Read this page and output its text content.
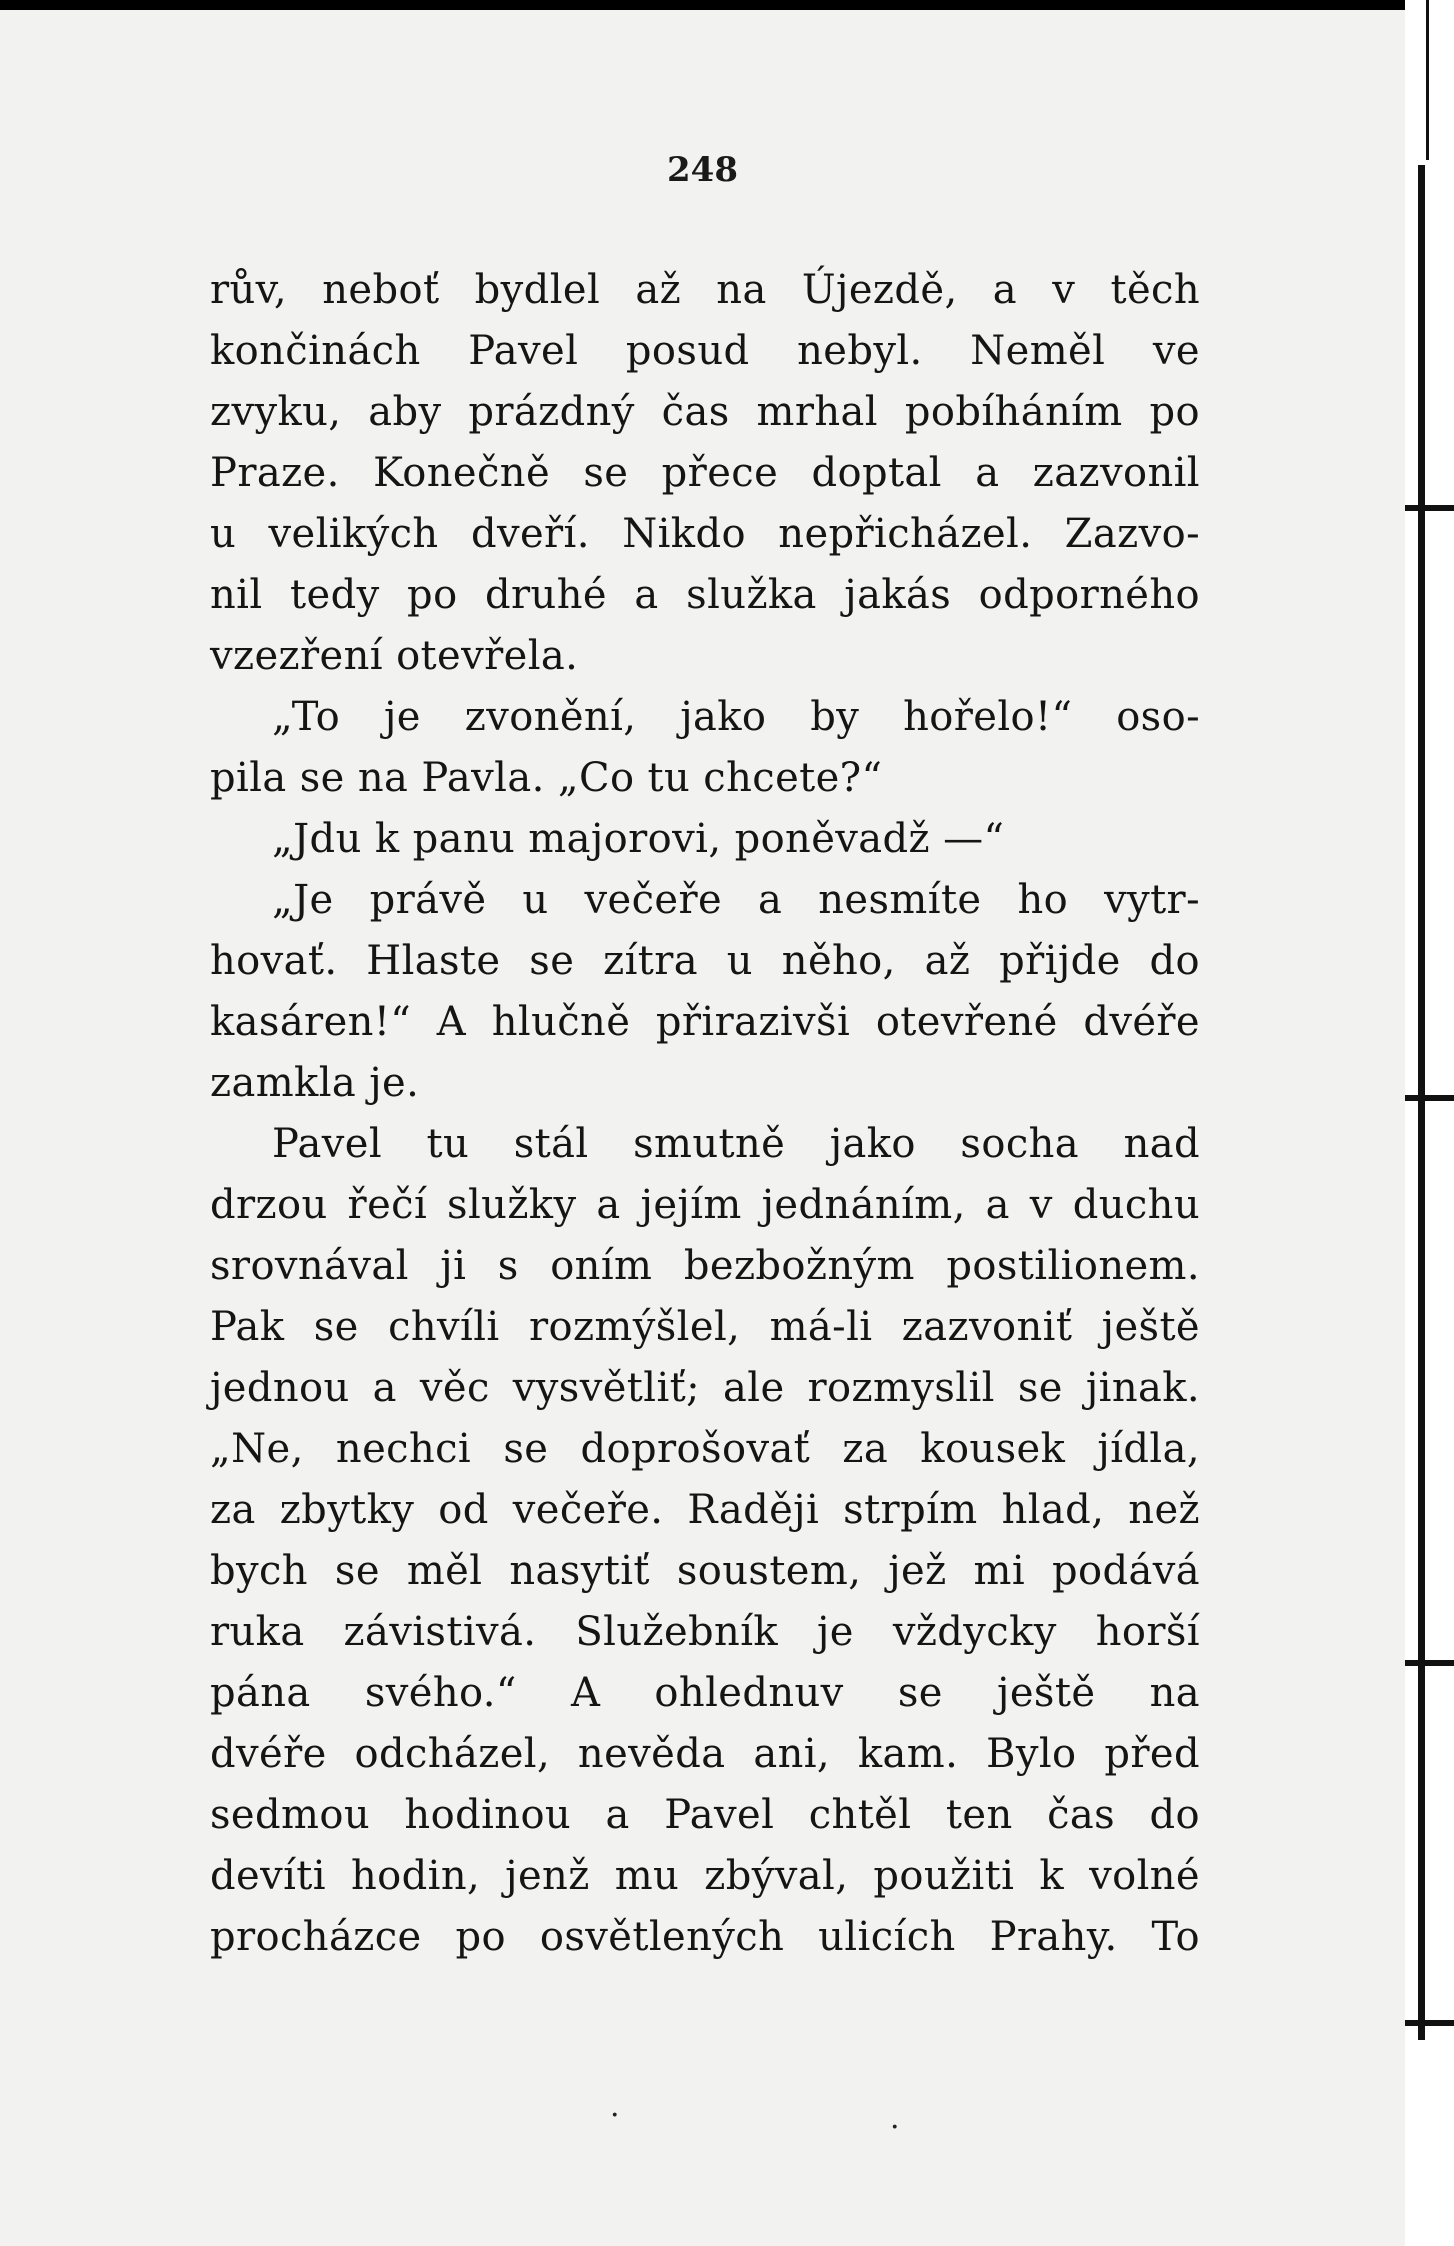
248
rův, neboť bydlel až na Újezdě, a v těch
končinách Pavel posud nebyl. Neměl ve
zvyku, aby prázdný čas mrhal pobíháním po
Praze. Konečně se přece doptal a zazvonil
u velikých dveří. Nikdo nepřicházel. Zazvo-
nil tedy po druhé a služka jakás odporného
vzezření otevřela.
„To je zvonění, jako by hořelo!“ oso-
pila se na Pavla. „Co tu chcete?“
„Jdu k panu majorovi, poněvadž —“
„Je právě u večeře a nesmíte ho vytr-
hovať. Hlaste se zítra u něho, až přijde do
kasáren!“ A hlučně přirazivši otevřené dvéře
zamkla je.
Pavel tu stál smutně jako socha nad
drzou řečí služky a jejím jednáním, a v duchu
srovnával ji s oním bezbožným postilionem.
Pak se chvíli rozmýšlel, má-li zazvoniť ještě
jednou a věc vysvětliť; ale rozmyslil se jinak.
„Ne, nechci se doprošovať za kousek jídla,
za zbytky od večeře. Raději strpím hlad, než
bych se měl nasytiť soustem, jež mi podává
ruka závistivá. Služebník je vždycky horší
pána svého.“ A ohlednuv se ještě na
dvéře odcházel, nevěda ani, kam. Bylo před
sedmou hodinou a Pavel chtěl ten čas do
devíti hodin, jenž mu zbýval, použiti k volné
procházce po osvětlených ulicích Prahy. To
·	·
